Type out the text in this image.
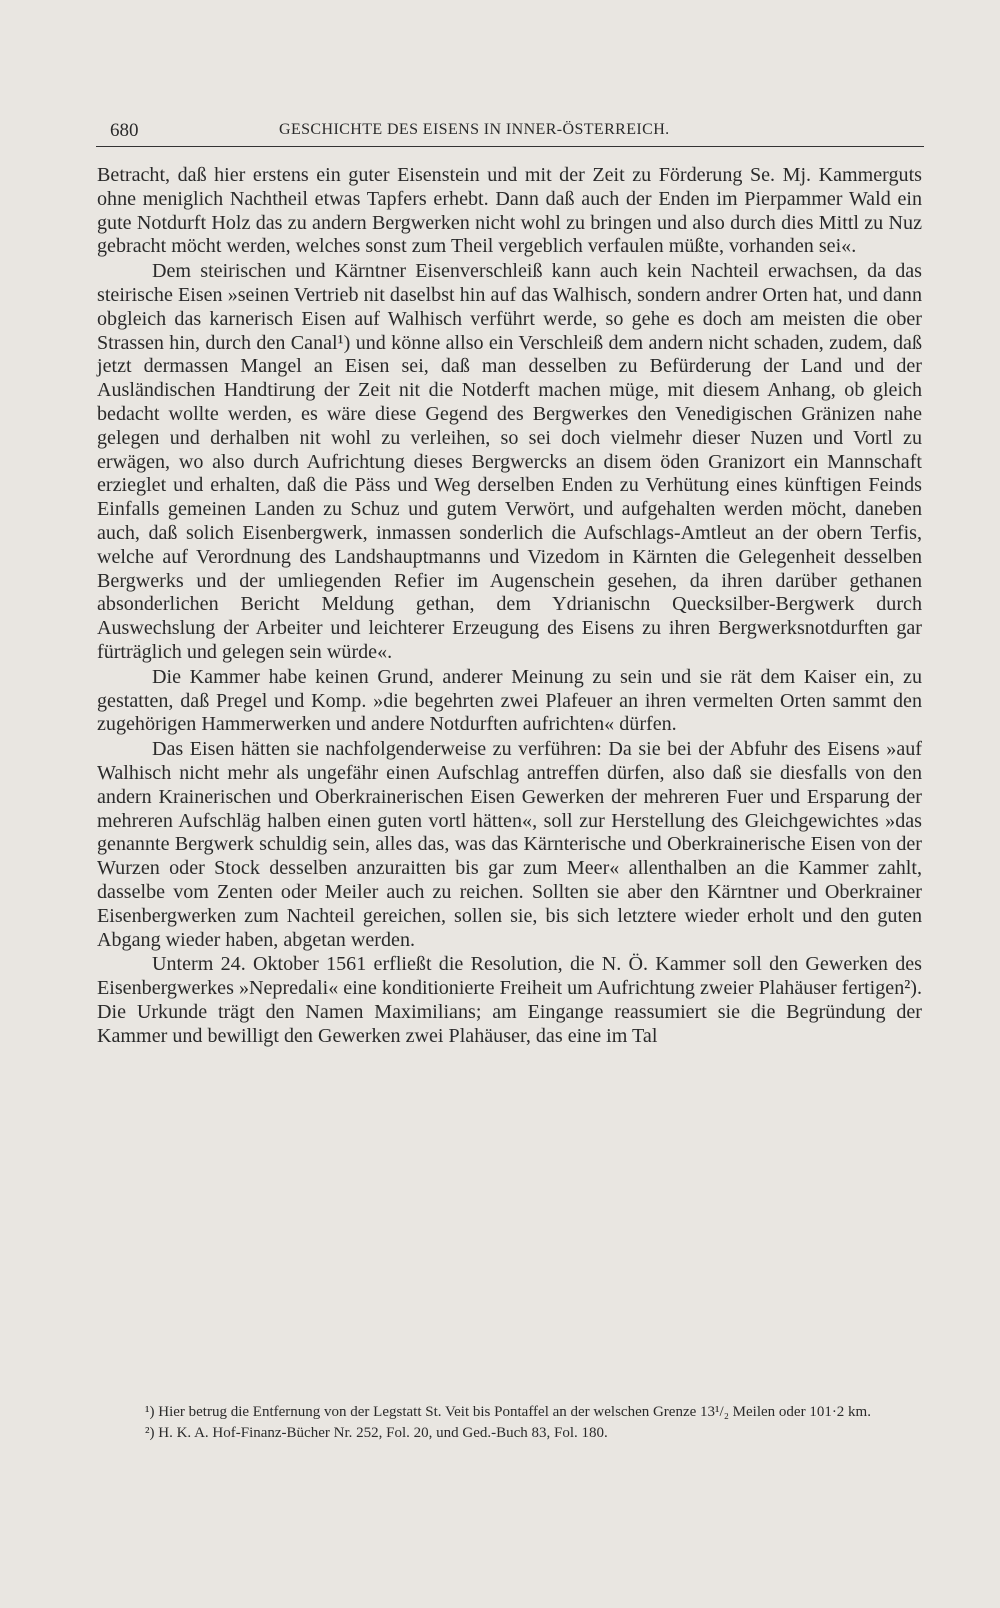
680	GESCHICHTE DES EISENS IN INNER-ÖSTERREICH.

Betracht, daß hier erstens ein guter Eisenstein und mit der Zeit zu Förderung Se. Mj. Kammerguts ohne meniglich Nachtheil etwas Tapfers erhebt. Dann daß auch der Enden im Pierpammer Wald ein gute Notdurft Holz das zu andern Bergwerken nicht wohl zu bringen und also durch dies Mittl zu Nuz gebracht möcht werden, welches sonst zum Theil vergeblich verfaulen müßte, vorhanden sei«.

Dem steirischen und Kärntner Eisenverschleiß kann auch kein Nachteil erwachsen, da das steirische Eisen »seinen Vertrieb nit daselbst hin auf das Walhisch, sondern andrer Orten hat, und dann obgleich das karnerisch Eisen auf Walhisch verführt werde, so gehe es doch am meisten die ober Strassen hin, durch den Canal¹) und könne allso ein Verschleiß dem andern nicht schaden, zudem, daß jetzt dermassen Mangel an Eisen sei, daß man desselben zu Befürderung der Land und der Ausländischen Handtirung der Zeit nit die Notderft machen müge, mit diesem Anhang, ob gleich bedacht wollte werden, es wäre diese Gegend des Bergwerkes den Venedigischen Gränizen nahe gelegen und derhalben nit wohl zu verleihen, so sei doch vielmehr dieser Nuzen und Vortl zu erwägen, wo also durch Aufrichtung dieses Bergwercks an disem öden Granizort ein Mannschaft erzieglet und erhalten, daß die Päss und Weg derselben Enden zu Verhütung eines künftigen Feinds Einfalls gemeinen Landen zu Schuz und gutem Verwört, und aufgehalten werden möcht, daneben auch, daß solich Eisenbergwerk, inmassen sonderlich die Aufschlags-Amtleut an der obern Terfis, welche auf Verordnung des Landshauptmanns und Vizedom in Kärnten die Gelegenheit desselben Bergwerks und der umliegenden Refier im Augenschein gesehen, da ihren darüber gethanen absonderlichen Bericht Meldung gethan, dem Ydrianischn Quecksilber-Bergwerk durch Auswechslung der Arbeiter und leichterer Erzeugung des Eisens zu ihren Bergwerksnotdurften gar fürträglich und gelegen sein würde«.

Die Kammer habe keinen Grund, anderer Meinung zu sein und sie rät dem Kaiser ein, zu gestatten, daß Pregel und Komp. »die begehrten zwei Plafeuer an ihren vermelten Orten sammt den zugehörigen Hammerwerken und andere Notdurften aufrichten« dürfen.

Das Eisen hätten sie nachfolgenderweise zu verführen: Da sie bei der Abfuhr des Eisens »auf Walhisch nicht mehr als ungefähr einen Aufschlag antreffen dürfen, also daß sie diesfalls von den andern Krainerischen und Oberkrainerischen Eisen Gewerken der mehreren Fuer und Ersparung der mehreren Aufschläg halben einen guten vortl hätten«, soll zur Herstellung des Gleichgewichtes »das genannte Bergwerk schuldig sein, alles das, was das Kärnterische und Oberkrainerische Eisen von der Wurzen oder Stock desselben anzuraitten bis gar zum Meer« allenthalben an die Kammer zahlt, dasselbe vom Zenten oder Meiler auch zu reichen. Sollten sie aber den Kärntner und Oberkrainer Eisenbergwerken zum Nachteil gereichen, sollen sie, bis sich letztere wieder erholt und den guten Abgang wieder haben, abgetan werden.

Unterm 24. Oktober 1561 erfließt die Resolution, die N. Ö. Kammer soll den Gewerken des Eisenbergwerkes »Nepredali« eine konditionierte Freiheit um Aufrichtung zweier Plahäuser fertigen²). Die Urkunde trägt den Namen Maximilians; am Eingange reassumiert sie die Begründung der Kammer und bewilligt den Gewerken zwei Plahäuser, das eine im Tal

¹) Hier betrug die Entfernung von der Legstatt St. Veit bis Pontaffel an der welschen Grenze 13¹/₂ Meilen oder 101·2 km.

²) H. K. A. Hof-Finanz-Bücher Nr. 252, Fol. 20, und Ged.-Buch 83, Fol. 180.
